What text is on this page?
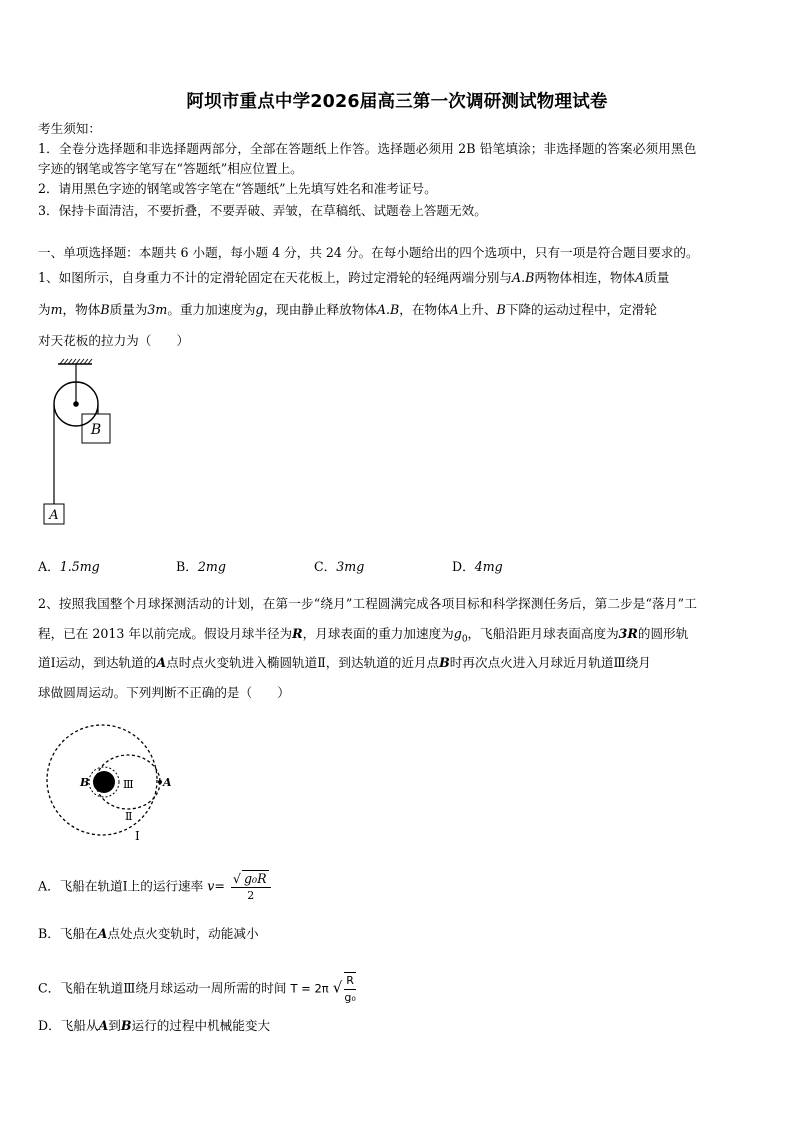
阿坝市重点中学2026届高三第一次调研测试物理试卷
考生须知：
1．全卷分选择题和非选择题两部分，全部在答题纸上作答。选择题必须用 2B 铅笔填涂；非选择题的答案必须用黑色
字迹的钢笔或答字笔写在“答题纸”相应位置上。
2．请用黑色字迹的钢笔或答字笔在“答题纸”上先填写姓名和准考证号。
3．保持卡面清洁，不要折叠，不要弄破、弄皱，在草稿纸、试题卷上答题无效。
一、单项选择题：本题共 6 小题，每小题 4 分，共 24 分。在每小题给出的四个选项中，只有一项是符合题目要求的。
1、如图所示，自身重力不计的定滑轮固定在天花板上，跨过定滑轮的轻绳两端分别与A.B两物体相连，物体A质量
为m，物体B质量为3m。重力加速度为g，现由静止释放物体A.B，在物体A上升、B下降的运动过程中，定滑轮
对天花板的拉力为（　　）
B
A
A．1.5mg	B．2mg	C．3mg	D．4mg
2、按照我国整个月球探测活动的计划，在第一步“绕月”工程圆满完成各项目标和科学探测任务后，第二步是“落月”工
程，已在 2013 年以前完成。假设月球半径为R，月球表面的重力加速度为$g_0$，飞船沿距月球表面高度为3R的圆形轨
道Ⅰ运动，到达轨道的A点时点火变轨进入椭圆轨道Ⅱ，到达轨道的近月点B时再次点火进入月球近月轨道Ⅲ绕月
球做圆周运动。下列判断不正确的是（　　）
B	A
Ⅲ
Ⅱ
Ⅰ
A．飞船在轨道Ⅰ上的运行速率 $v= \frac{\text{√ g₀R}}{2}$
B．飞船在A点处点火变轨时，动能减小
C．飞船在轨道Ⅲ绕月球运动一周所需的时间 T = 2π √ $\frac{R}{\text{g₀}}$
D．飞船从A到B运行的过程中机械能变大
